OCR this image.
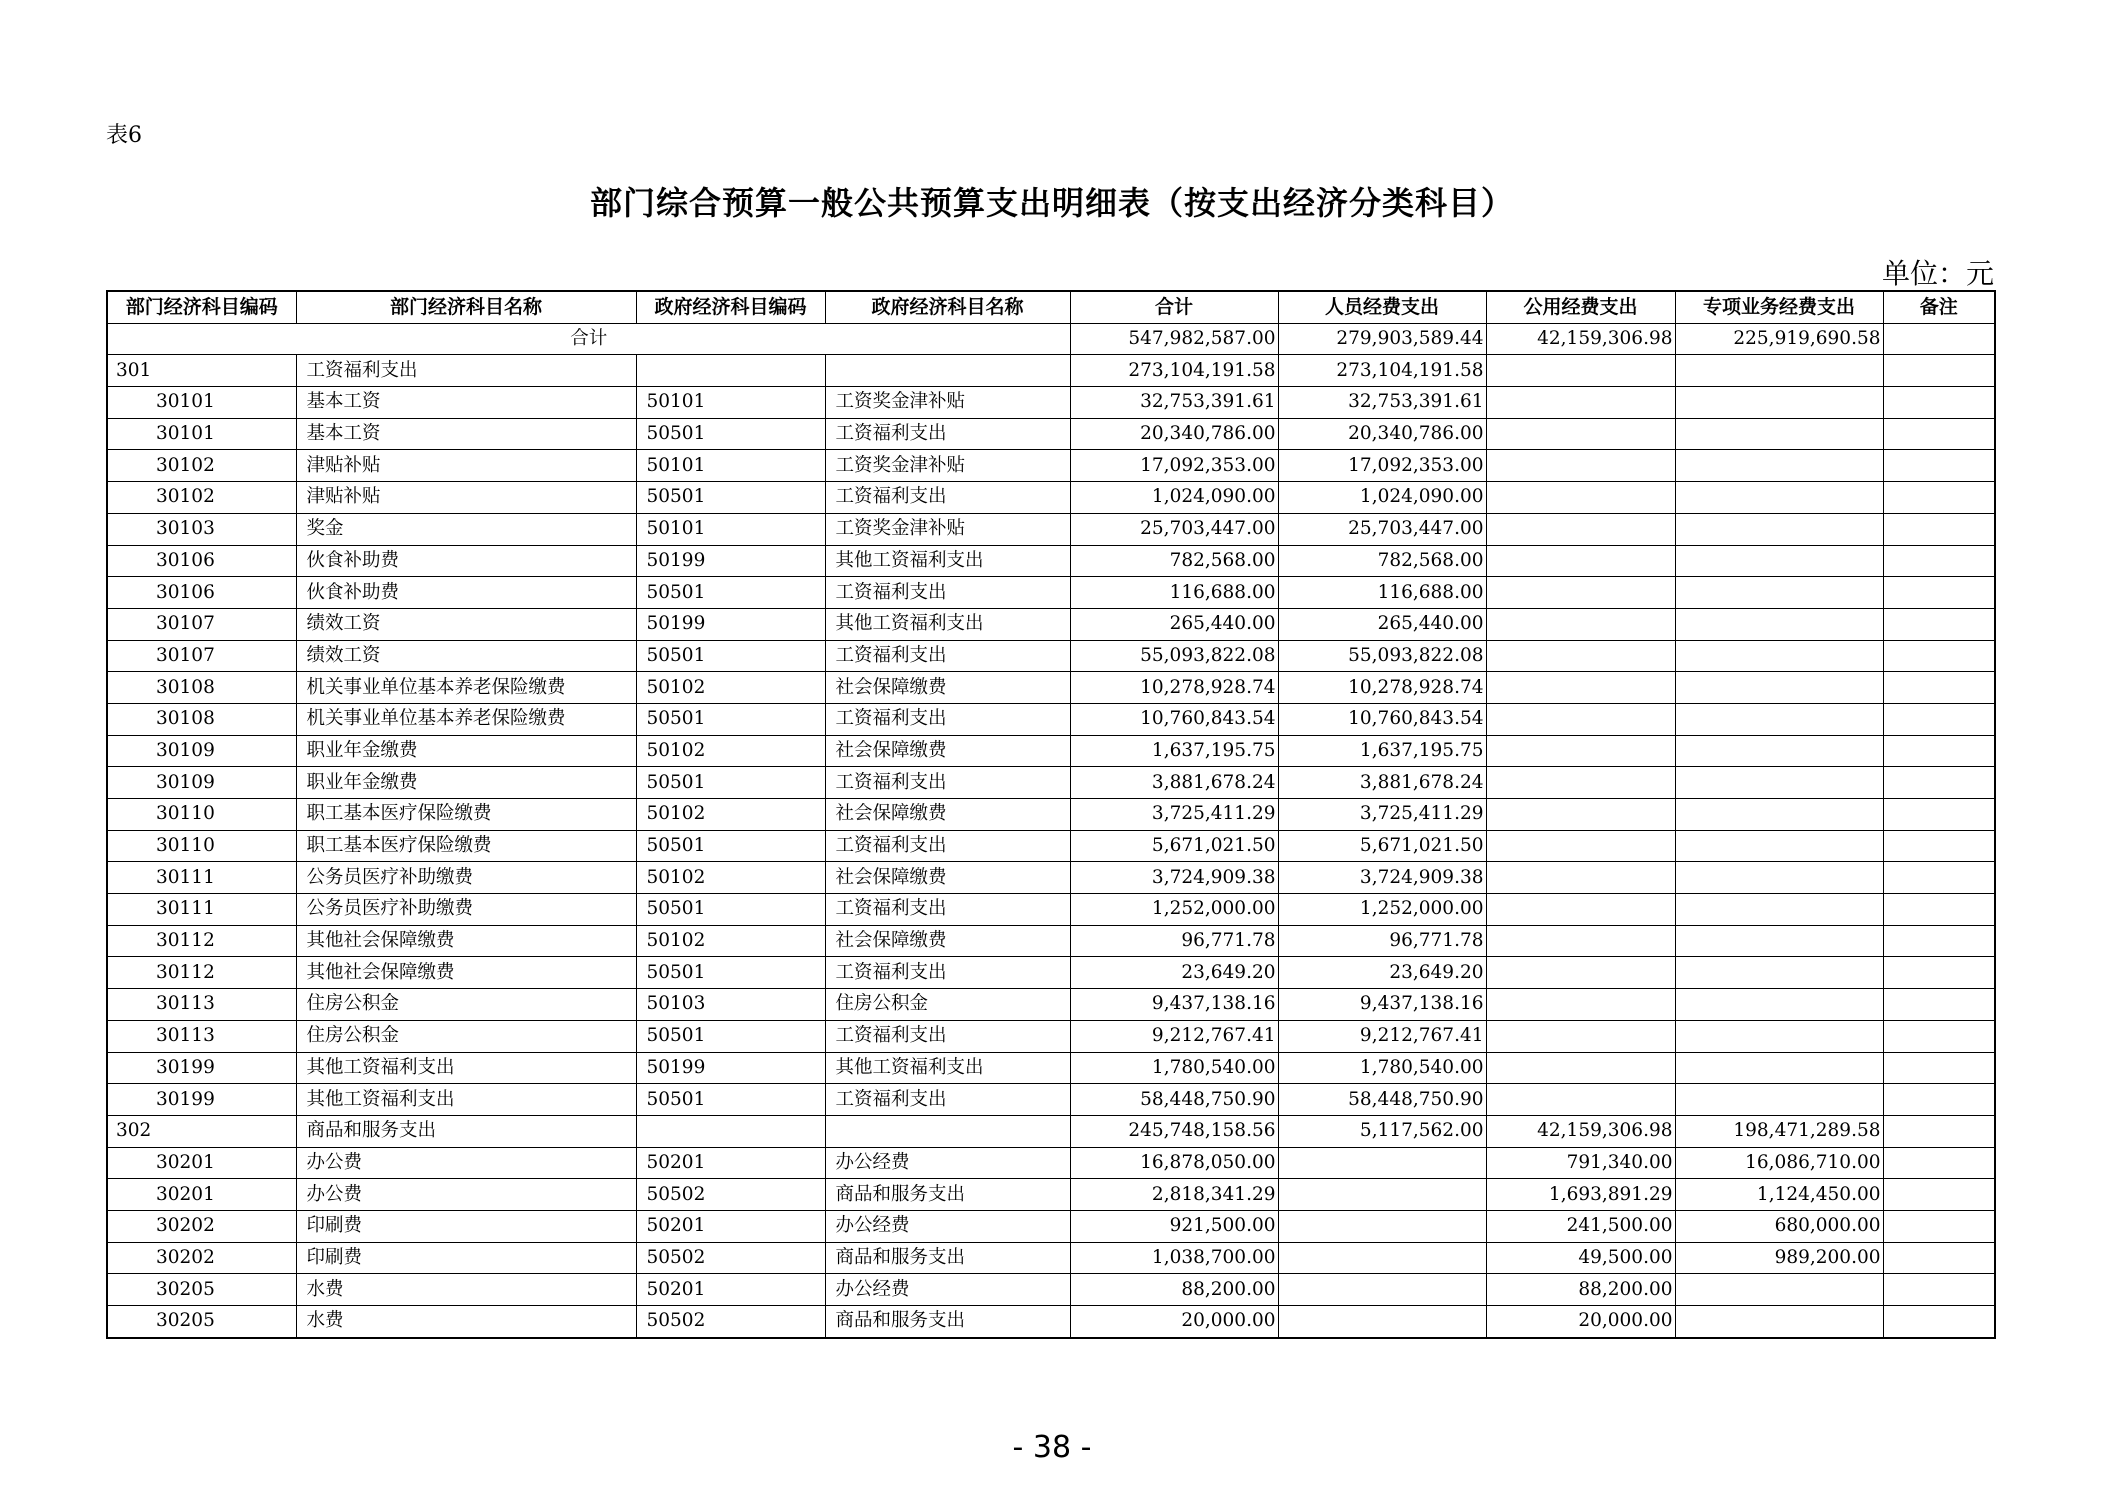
表6
部门综合预算一般公共预算支出明细表（按支出经济分类科目）
单位：元
部门经济科目编码	部门经济科目名称	政府经济科目编码	政府经济科目名称	合计	人员经费支出	公用经费支出	专项业务经费支出	备注
合计				547,982,587.00	279,903,589.44	42,159,306.98	225,919,690.58	
301	工资福利支出			273,104,191.58	273,104,191.58			
30101	基本工资	50101	工资奖金津补贴	32,753,391.61	32,753,391.61			
30101	基本工资	50501	工资福利支出	20,340,786.00	20,340,786.00			
30102	津贴补贴	50101	工资奖金津补贴	17,092,353.00	17,092,353.00			
30102	津贴补贴	50501	工资福利支出	1,024,090.00	1,024,090.00			
30103	奖金	50101	工资奖金津补贴	25,703,447.00	25,703,447.00			
30106	伙食补助费	50199	其他工资福利支出	782,568.00	782,568.00			
30106	伙食补助费	50501	工资福利支出	116,688.00	116,688.00			
30107	绩效工资	50199	其他工资福利支出	265,440.00	265,440.00			
30107	绩效工资	50501	工资福利支出	55,093,822.08	55,093,822.08			
30108	机关事业单位基本养老保险缴费	50102	社会保障缴费	10,278,928.74	10,278,928.74			
30108	机关事业单位基本养老保险缴费	50501	工资福利支出	10,760,843.54	10,760,843.54			
30109	职业年金缴费	50102	社会保障缴费	1,637,195.75	1,637,195.75			
30109	职业年金缴费	50501	工资福利支出	3,881,678.24	3,881,678.24			
30110	职工基本医疗保险缴费	50102	社会保障缴费	3,725,411.29	3,725,411.29			
30110	职工基本医疗保险缴费	50501	工资福利支出	5,671,021.50	5,671,021.50			
30111	公务员医疗补助缴费	50102	社会保障缴费	3,724,909.38	3,724,909.38			
30111	公务员医疗补助缴费	50501	工资福利支出	1,252,000.00	1,252,000.00			
30112	其他社会保障缴费	50102	社会保障缴费	96,771.78	96,771.78			
30112	其他社会保障缴费	50501	工资福利支出	23,649.20	23,649.20			
30113	住房公积金	50103	住房公积金	9,437,138.16	9,437,138.16			
30113	住房公积金	50501	工资福利支出	9,212,767.41	9,212,767.41			
30199	其他工资福利支出	50199	其他工资福利支出	1,780,540.00	1,780,540.00			
30199	其他工资福利支出	50501	工资福利支出	58,448,750.90	58,448,750.90			
302	商品和服务支出			245,748,158.56	5,117,562.00	42,159,306.98	198,471,289.58	
30201	办公费	50201	办公经费	16,878,050.00		791,340.00	16,086,710.00	
30201	办公费	50502	商品和服务支出	2,818,341.29		1,693,891.29	1,124,450.00	
30202	印刷费	50201	办公经费	921,500.00		241,500.00	680,000.00	
30202	印刷费	50502	商品和服务支出	1,038,700.00		49,500.00	989,200.00	
30205	水费	50201	办公经费	88,200.00		88,200.00		
30205	水费	50502	商品和服务支出	20,000.00		20,000.00		
- 38 -
